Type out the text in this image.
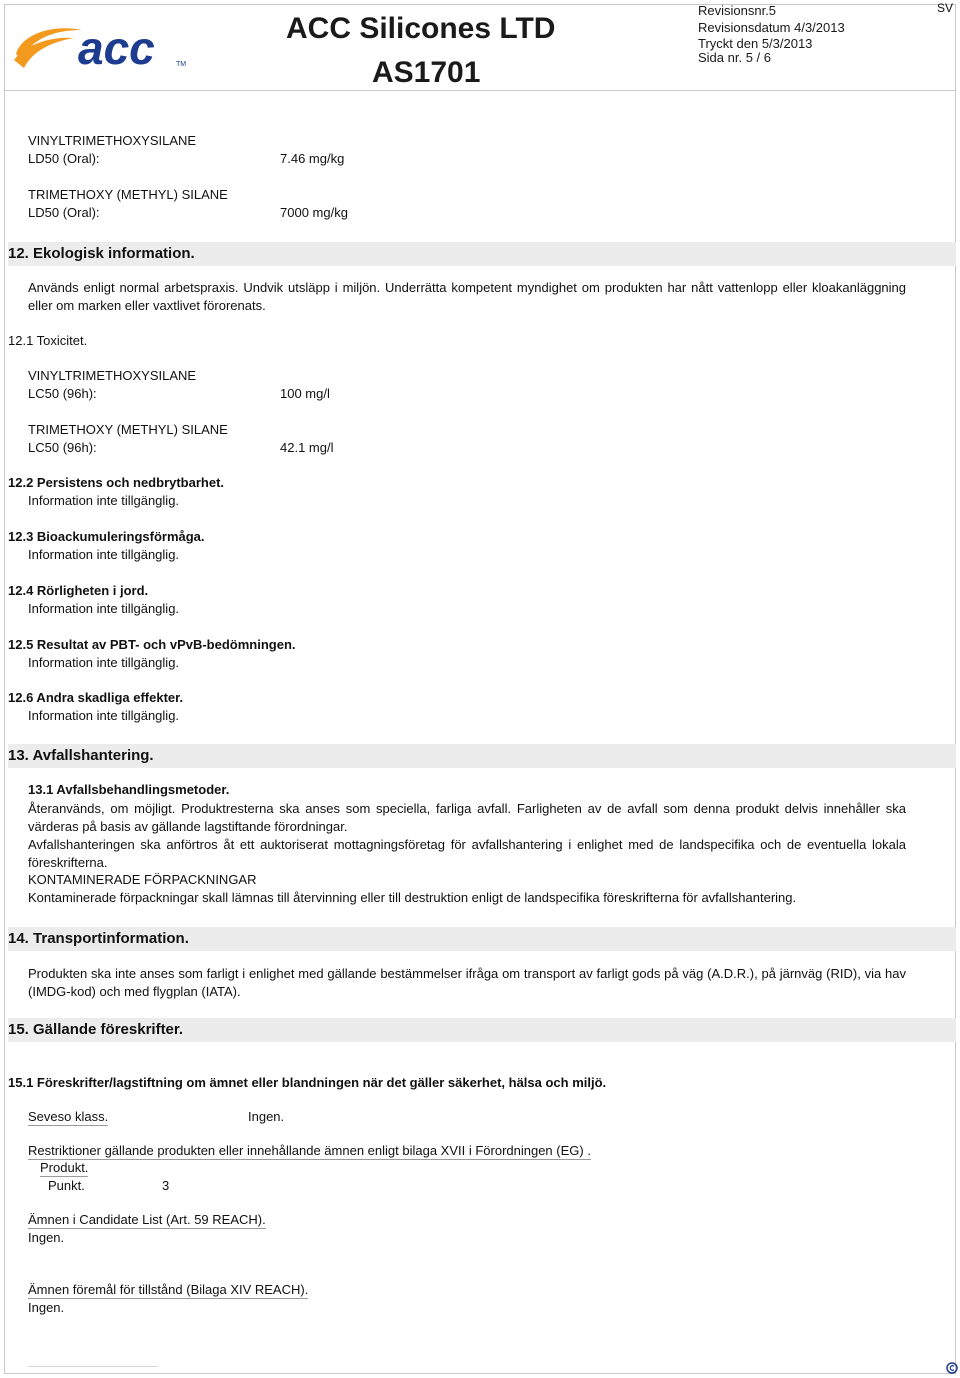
acc	TM
ACC Silicones LTD
AS1701
Revisionsnr.5
Revisionsdatum 4/3/2013
Tryckt den 5/3/2013
Sida nr. 5 / 6
SV
VINYLTRIMETHOXYSILANE
LD50 (Oral):	7.46 mg/kg
TRIMETHOXY (METHYL) SILANE
LD50 (Oral):	7000 mg/kg
12. Ekologisk information.
Används enligt normal arbetspraxis. Undvik utsläpp i miljön. Underrätta kompetent myndighet om produkten har nått vattenlopp eller kloakanläggning eller om marken eller vaxtlivet förorenats.
12.1 Toxicitet.
VINYLTRIMETHOXYSILANE
LC50 (96h):	100 mg/l
TRIMETHOXY (METHYL) SILANE
LC50 (96h):	42.1 mg/l
12.2 Persistens och nedbrytbarhet.
Information inte tillgänglig.
12.3 Bioackumuleringsförmåga.
Information inte tillgänglig.
12.4 Rörligheten i jord.
Information inte tillgänglig.
12.5 Resultat av PBT- och vPvB-bedömningen.
Information inte tillgänglig.
12.6 Andra skadliga effekter.
Information inte tillgänglig.
13. Avfallshantering.
13.1 Avfallsbehandlingsmetoder.
Återanvänds, om möjligt. Produktresterna ska anses som speciella, farliga avfall. Farligheten av de avfall som denna produkt delvis innehåller ska värderas på basis av gällande lagstiftande förordningar.
Avfallshanteringen ska anförtros åt ett auktoriserat mottagningsföretag för avfallshantering i enlighet med de landspecifika och de eventuella lokala föreskrifterna.
KONTAMINERADE FÖRPACKNINGAR
Kontaminerade förpackningar skall lämnas till återvinning eller till destruktion enligt de landspecifika föreskrifterna för avfallshantering.
14. Transportinformation.
Produkten ska inte anses som farligt i enlighet med gällande bestämmelser ifråga om transport av farligt gods på väg (A.D.R.), på järnväg (RID), via hav (IMDG-kod) och med flygplan (IATA).
15. Gällande föreskrifter.
15.1 Föreskrifter/lagstiftning om ämnet eller blandningen när det gäller säkerhet, hälsa och miljö.
Seveso klass.	Ingen.
Restriktioner gällande produkten eller innehållande ämnen enligt bilaga XVII i Förordningen (EG) .
Produkt.
Punkt.	3
Ämnen i Candidate List (Art. 59 REACH).
Ingen.
Ämnen föremål för tillstånd (Bilaga XIV REACH).
Ingen.
